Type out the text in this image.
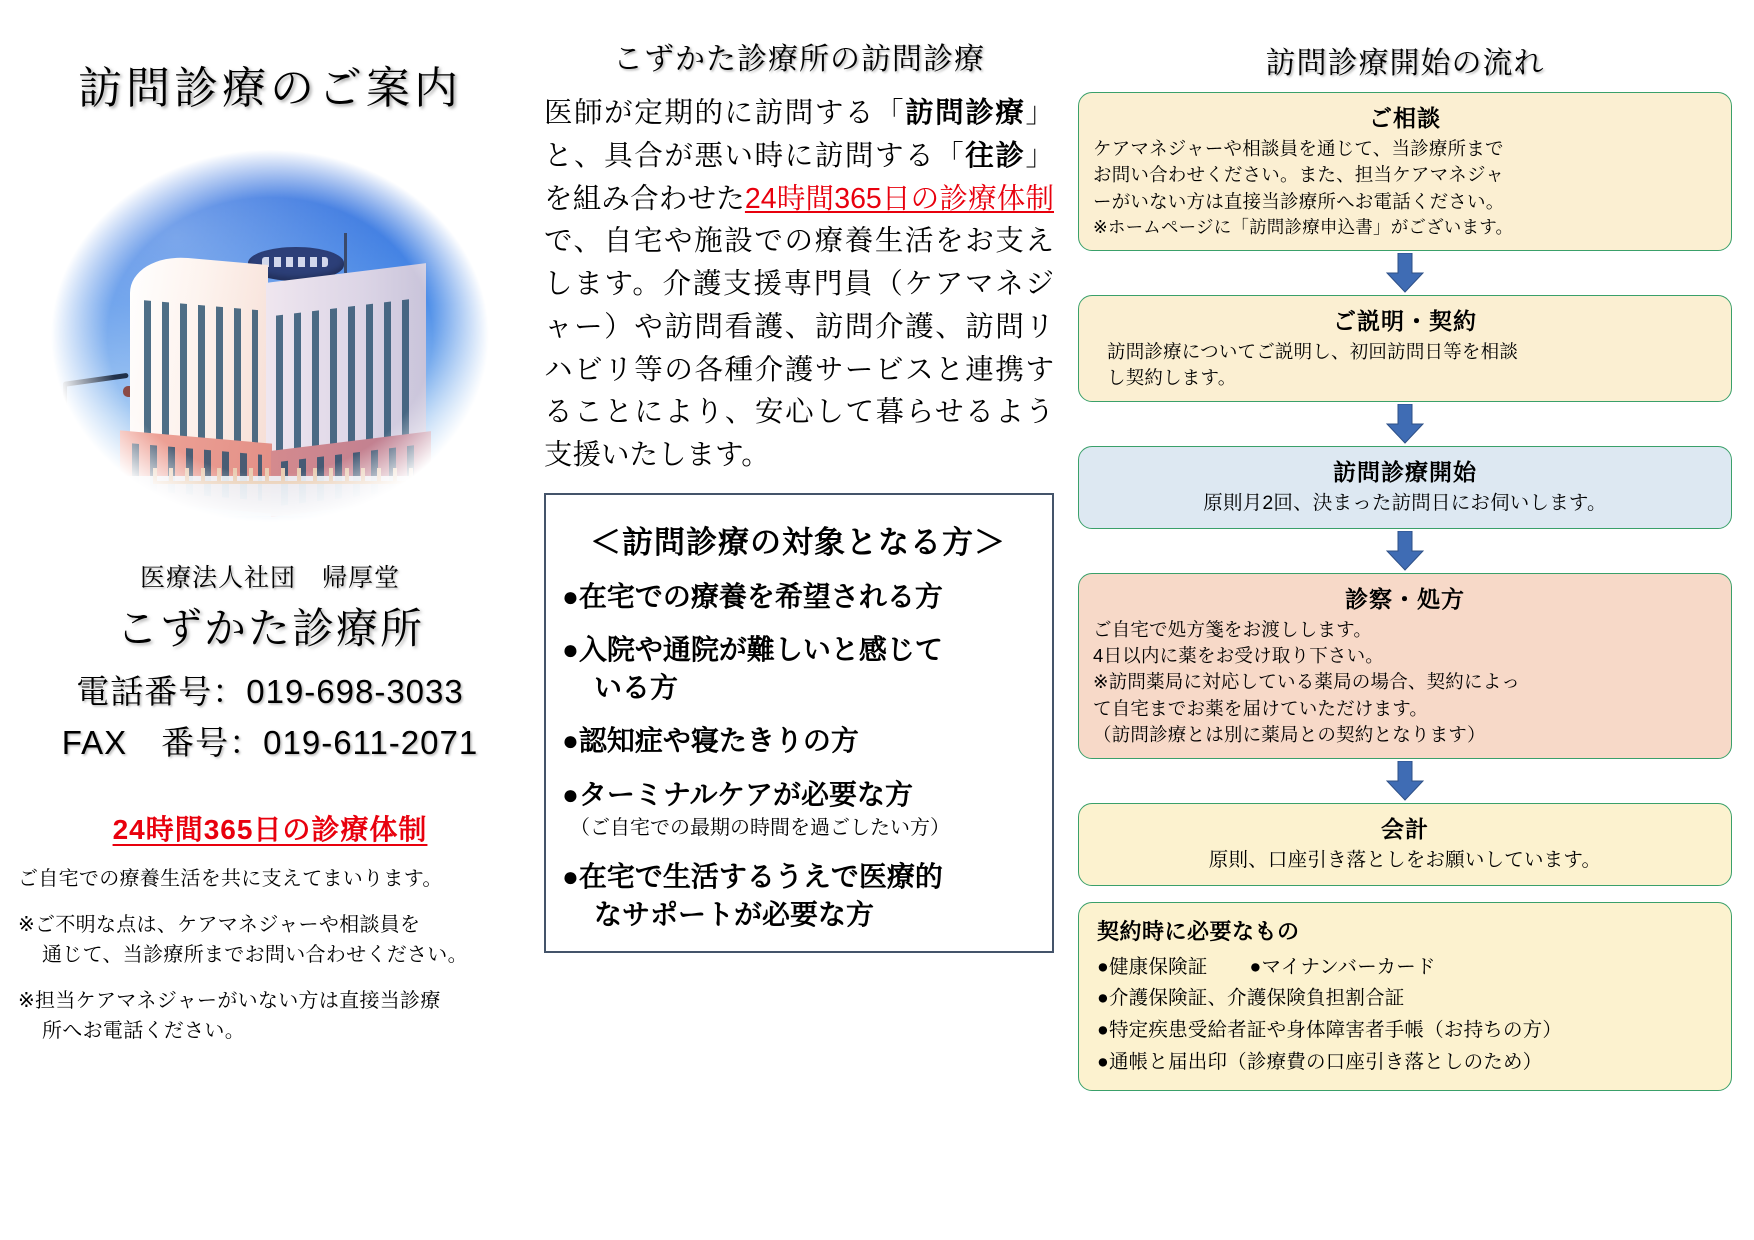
訪問診療のご案内
医療法人社団　帰厚堂
こずかた診療所
電話番号：019-698-3033
FAX　番号：019-611-2071
24時間365日の診療体制
ご自宅での療養生活を共に支えてまいります。
※ご不明な点は、ケアマネジャーや相談員を
通じて、当診療所までお問い合わせください。
※担当ケアマネジャーがいない方は直接当診療
所へお電話ください。
こずかた診療所の訪問診療
医師が定期的に訪問する「訪問診療」と、具合が悪い時に訪問する「往診」を組み合わせた24時間365日の診療体制で、自宅や施設での療養生活をお支えします。介護支援専門員（ケアマネジャー）や訪問看護、訪問介護、訪問リハビリ等の各種介護サービスと連携することにより、安心して暮らせるよう支援いたします。
＜訪問診療の対象となる方＞
●在宅での療養を希望される方
●入院や通院が難しいと感じて
いる方
●認知症や寝たきりの方
●ターミナルケアが必要な方
（ご自宅での最期の時間を過ごしたい方）
●在宅で生活するうえで医療的
なサポートが必要な方
訪問診療開始の流れ
ご相談
ケアマネジャーや相談員を通じて、当診療所まで
お問い合わせください。また、担当ケアマネジャ
ーがいない方は直接当診療所へお電話ください。
※ホームページに「訪問診療申込書」がございます。
ご説明・契約
訪問診療についてご説明し、初回訪問日等を相談
し契約します。
訪問診療開始
原則月2回、決まった訪問日にお伺いします。
診察・処方
ご自宅で処方箋をお渡しします。
4日以内に薬をお受け取り下さい。
※訪問薬局に対応している薬局の場合、契約によっ
て自宅までお薬を届けていただけます。
（訪問診療とは別に薬局との契約となります）
会計
原則、口座引き落としをお願いしています。
契約時に必要なもの
●健康保険証 ●マイナンバーカード
●介護保険証、介護保険負担割合証
●特定疾患受給者証や身体障害者手帳（お持ちの方）
●通帳と届出印（診療費の口座引き落としのため）
